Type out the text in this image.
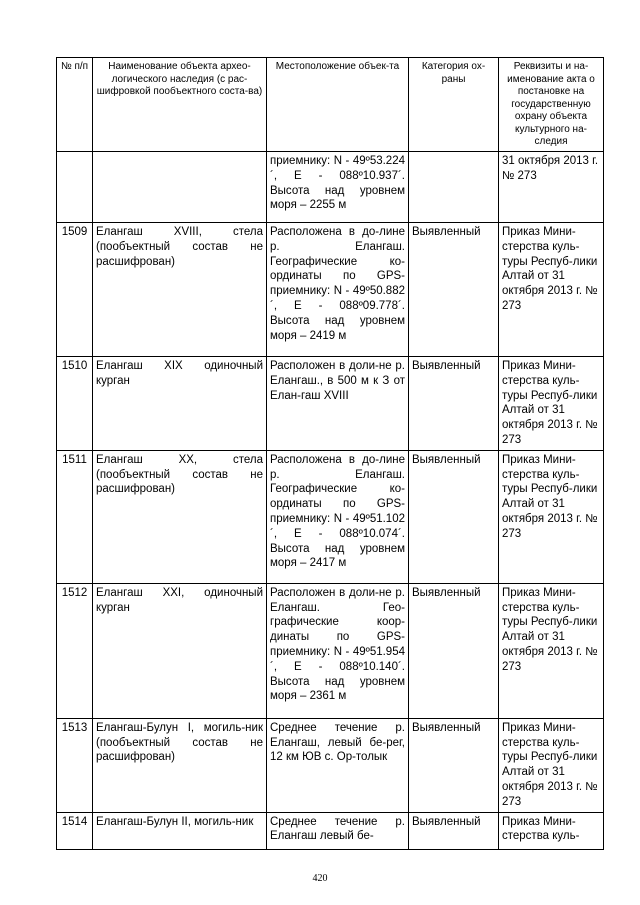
№ п/п	Наименование объекта архео-логического наследия (с рас-шифровкой пообъектного соста-ва)	Местоположение объек-та	Категория ох-раны	Реквизиты и на-именование акта о постановке на государственную охрану объекта культурного на-следия
		приемнику: N - 49º53.224´, E - 088º10.937´. Высота над уровнем моря – 2255 м		31 октября 2013 г. № 273
1509	Елангаш XVIII, стела (пообъектный состав не расшифрован)	Расположена в до-лине р. Елангаш. Географические ко-ординаты по GPS-приемнику: N - 49º50.882´, E - 088º09.778´. Высота над уровнем моря – 2419 м	Выявленный	Приказ Мини-стерства куль-туры Респуб-лики Алтай от 31 октября 2013 г. № 273
1510	Елангаш XIX одиночный курган	Расположен в доли-не р. Елангаш., в 500 м к З от Елан-гаш XVIII	Выявленный	Приказ Мини-стерства куль-туры Респуб-лики Алтай от 31 октября 2013 г. № 273
1511	Елангаш XX, стела (пообъектный состав не расшифрован)	Расположена в до-лине р. Елангаш. Географические ко-ординаты по GPS-приемнику: N - 49º51.102´, E - 088º10.074´. Высота над уровнем моря – 2417 м	Выявленный	Приказ Мини-стерства куль-туры Респуб-лики Алтай от 31 октября 2013 г. № 273
1512	Елангаш XXI, одиночный курган	Расположен в доли-не р. Елангаш. Гео-графические коор-динаты по GPS-приемнику: N - 49º51.954´, E - 088º10.140´. Высота над уровнем моря – 2361 м	Выявленный	Приказ Мини-стерства куль-туры Респуб-лики Алтай от 31 октября 2013 г. № 273
1513	Елангаш-Булун I, могиль-ник (пообъектный состав не расшифрован)	Среднее течение р. Елангаш, левый бе-рег, 12 км ЮВ с. Ор-толык	Выявленный	Приказ Мини-стерства куль-туры Респуб-лики Алтай от 31 октября 2013 г. № 273
1514	Елангаш-Булун II, могиль-ник	Среднее течение р. Елангаш левый бе-	Выявленный	Приказ Мини-стерства куль-
420
